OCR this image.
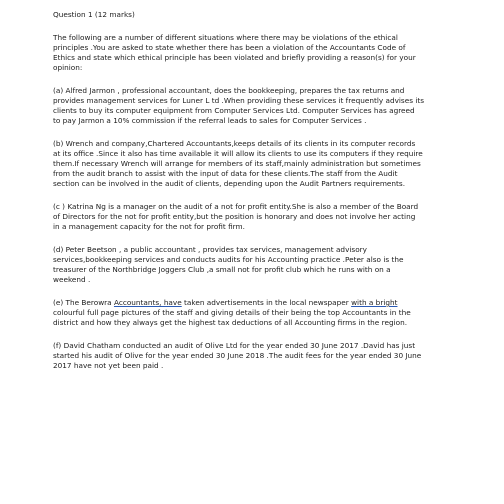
Question 1 (12 marks)
The following are a number of different situations where there may be violations of the ethical
principles .You are asked to state whether there has been a violation of the Accountants Code of
Ethics and state which ethical principle has been violated and briefly providing a reason(s) for your
opinion:
(a) Alfred Jarmon , professional accountant, does the bookkeeping, prepares the tax returns and
provides management services for Luner L td .When providing these services it frequently advises its
clients to buy its computer equipment from Computer Services Ltd. Computer Services has agreed
to pay Jarmon a 10% commission if the referral leads to sales for Computer Services .
(b) Wrench and company,Chartered Accountants,keeps details of its clients in its computer records
at its office .Since it also has time available it will allow its clients to use its computers if they require
them.If necessary Wrench will arrange for members of its staff,mainly administration but sometimes
from the audit branch to assist with the input of data for these clients.The staff from the Audit
section can be involved in the audit of clients, depending upon the Audit Partners requirements.
(c ) Katrina Ng is a manager on the audit of a not for profit entity.She is also a member of the Board
of Directors for the not for profit entity,but the position is honorary and does not involve her acting
in a management capacity for the not for profit firm.
(d) Peter Beetson , a public accountant , provides tax services, management advisory
services,bookkeeping services and conducts audits for his Accounting practice .Peter also is the
treasurer of the Northbridge Joggers Club ,a small not for profit club which he runs with on a
weekend .
(e) The Berowra Accountants, have taken advertisements in the local newspaper with a bright
colourful full page pictures of the staff and giving details of their being the top Accountants in the
district and how they always get the highest tax deductions of all Accounting firms in the region.
(f) David Chatham conducted an audit of Olive Ltd for the year ended 30 June 2017 .David has just
started his audit of Olive for the year ended 30 June 2018 .The audit fees for the year ended 30 June
2017 have not yet been paid .
